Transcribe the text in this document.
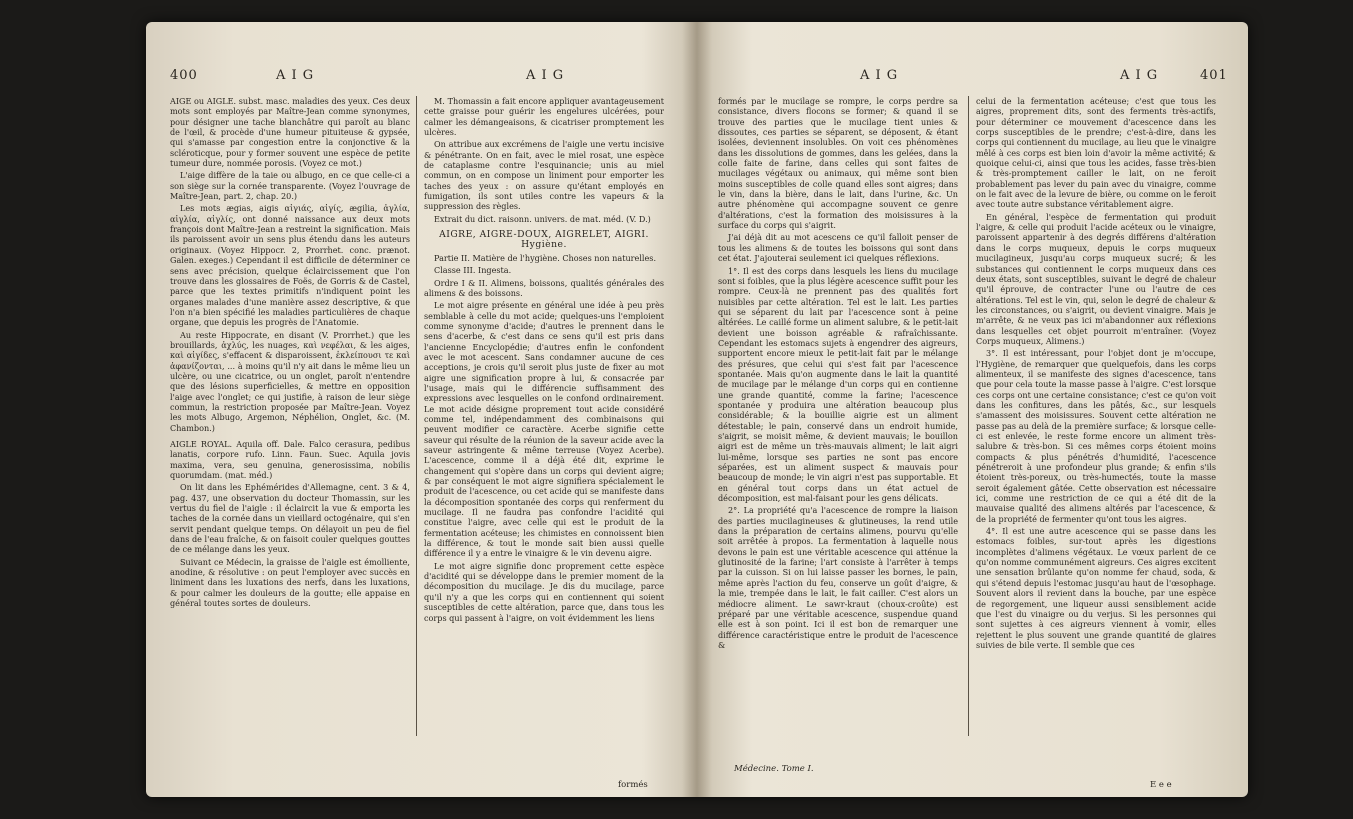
400	A I G	A I G

AIGE ou AIGLE. subst. masc. maladies des yeux. Ces deux mots sont employés par Maître-Jean comme synonymes, pour désigner une tache blanchâtre qui paroît au blanc de l'œil, & procède d'une humeur pituiteuse & gypsée, qui s'amasse par congestion entre la conjonctive & la scléroticque, pour y former souvent une espèce de petite tumeur dure, nommée porosis. (Voyez ce mot.)

L'aige diffère de la taie ou albugo, en ce que celle-ci a son siège sur la cornée transparente. (Voyez l'ouvrage de Maître-Jean, part. 2, chap. 20.)

Les mots ægias, aigis αἰγιάς, αἰγίς, ægilia, ἀγλία, αἰγλία, αἰγλίς, ont donné naissance aux deux mots françois dont Maître-Jean a restreint la signification. Mais ils paroissent avoir un sens plus étendu dans les auteurs originaux. (Voyez Hippocr. 2, Prorrhet. conc. prænot. Galen. exeges.) Cependant il est difficile de déterminer ce sens avec précision, quelque éclaircissement que l'on trouve dans les glossaires de Foës, de Gorris & de Castel, parce que les textes primitifs n'indiquent point les organes malades d'une manière assez descriptive, & que l'on n'a bien spécifié les maladies particulières de chaque organe, que depuis les progrès de l'Anatomie.

Au reste Hippocrate, en disant (V. Prorrhet.) que les brouillards, ἀχλύς, les nuages, καὶ νεφέλαι, & les aiges, καὶ αἰγίδες, s'effacent & disparoissent, ἐκλείπουσι τε καὶ ἀφανίζονται, ... à moins qu'il n'y ait dans le même lieu un ulcère, ou une cicatrice, ou un onglet, paroît n'entendre que des lésions superficielles, & mettre en opposition l'aige avec l'onglet; ce qui justifie, à raison de leur siège commun, la restriction proposée par Maître-Jean. Voyez les mots Albugo, Argemon, Néphélion, Onglet, &c. (M. Chambon.)

AIGLE ROYAL. Aquila off. Dale. Falco cerasura, pedibus lanatis, corpore rufo. Linn. Faun. Suec. Aquila jovis maxima, vera, seu genuina, generosissima, nobilis quorumdam. (mat. méd.)

On lit dans les Ephémérides d'Allemagne, cent. 3 & 4, pag. 437, une observation du docteur Thomassin, sur les vertus du fiel de l'aigle : il éclaircit la vue & emporta les taches de la cornée dans un vieillard octogénaire, qui s'en servit pendant quelque temps. On délayoit un peu de fiel dans de l'eau fraîche, & on faisoit couler quelques gouttes de ce mélange dans les yeux.

Suivant ce Médecin, la graisse de l'aigle est émolliente, anodine, & résolutive : on peut l'employer avec succès en liniment dans les luxations des nerfs, dans les luxations, & pour calmer les douleurs de la goutte; elle appaise en général toutes sortes de douleurs.

M. Thomassin a fait encore appliquer avantageusement cette graisse pour guérir les engelures ulcérées, pour calmer les démangeaisons, & cicatriser promptement les ulcères.

On attribue aux excrémens de l'aigle une vertu incisive & pénétrante. On en fait, avec le miel rosat, une espèce de cataplasme contre l'esquinancie; unis au miel commun, on en compose un liniment pour emporter les taches des yeux : on assure qu'étant employés en fumigation, ils sont utiles contre les vapeurs & la suppression des règles.

Extrait du dict. raisonn. univers. de mat. méd. (V. D.)

AIGRE, AIGRE-DOUX, AIGRELET, AIGRI. Hygiène.

Partie II. Matière de l'hygiène. Choses non naturelles.

Classe III. Ingesta.

Ordre I & II. Alimens, boissons, qualités générales des alimens & des boissons.

Le mot aigre présente en général une idée à peu près semblable à celle du mot acide; quelques-uns l'emploient comme synonyme d'acide; d'autres le prennent dans le sens d'acerbe, & c'est dans ce sens qu'il est pris dans l'ancienne Encyclopédie; d'autres enfin le confondent avec le mot acescent. Sans condamner aucune de ces acceptions, je crois qu'il seroit plus juste de fixer au mot aigre une signification propre à lui, & consacrée par l'usage, mais qui le différencie suffisamment des expressions avec lesquelles on le confond ordinairement. Le mot acide désigne proprement tout acide considéré comme tel, indépendamment des combinaisons qui peuvent modifier ce caractère. Acerbe signifie cette saveur qui résulte de la réunion de la saveur acide avec la saveur astringente & même terreuse (Voyez Acerbe). L'acescence, comme il a déjà été dit, exprime le changement qui s'opère dans un corps qui devient aigre; & par conséquent le mot aigre signifiera spécialement le produit de l'acescence, ou cet acide qui se manifeste dans la décomposition spontanée des corps qui renferment du mucilage. Il ne faudra pas confondre l'acidité qui constitue l'aigre, avec celle qui est le produit de la fermentation acéteuse; les chimistes en connoissent bien la différence, & tout le monde sait bien aussi quelle différence il y a entre le vinaigre & le vin devenu aigre.

Le mot aigre signifie donc proprement cette espèce d'acidité qui se développe dans le premier moment de la décomposition du mucilage. Je dis du mucilage, parce qu'il n'y a que les corps qui en contiennent qui soient susceptibles de cette altération, parce que, dans tous les corps qui passent à l'aigre, on voit évidemment les liens

formés
A I G	A I G	401

formés par le mucilage se rompre, le corps perdre sa consistance, divers flocons se former; & quand il se trouve des parties que le mucilage tient unies & dissoutes, ces parties se séparent, se déposent, & étant isolées, deviennent insolubles. On voit ces phénomènes dans les dissolutions de gommes, dans les gelées, dans la colle faite de farine, dans celles qui sont faites de mucilages végétaux ou animaux, qui même sont bien moins susceptibles de colle quand elles sont aigres; dans le vin, dans la bière, dans le lait, dans l'urine, &c. Un autre phénomène qui accompagne souvent ce genre d'altérations, c'est la formation des moisissures à la surface du corps qui s'aigrit.

J'ai déjà dit au mot acescens ce qu'il falloit penser de tous les alimens & de toutes les boissons qui sont dans cet état. J'ajouterai seulement ici quelques réflexions.

1°. Il est des corps dans lesquels les liens du mucilage sont si foibles, que la plus légère acescence suffit pour les rompre. Ceux-là ne prennent pas des qualités fort nuisibles par cette altération. Tel est le lait. Les parties qui se séparent du lait par l'acescence sont à peine altérées. Le caillé forme un aliment salubre, & le petit-lait devient une boisson agréable & rafraîchissante. Cependant les estomacs sujets à engendrer des aigreurs, supportent encore mieux le petit-lait fait par le mélange des présures, que celui qui s'est fait par l'acescence spontanée. Mais qu'on augmente dans le lait la quantité de mucilage par le mélange d'un corps qui en contienne une grande quantité, comme la farine; l'acescence spontanée y produira une altération beaucoup plus considérable; & la bouillie aigrie est un aliment détestable; le pain, conservé dans un endroit humide, s'aigrit, se moisit même, & devient mauvais; le bouillon aigri est de même un très-mauvais aliment; le lait aigri lui-même, lorsque ses parties ne sont pas encore séparées, est un aliment suspect & mauvais pour beaucoup de monde; le vin aigri n'est pas supportable. Et en général tout corps dans un état actuel de décomposition, est mal-faisant pour les gens délicats.

2°. La propriété qu'a l'acescence de rompre la liaison des parties mucilagineuses & glutineuses, la rend utile dans la préparation de certains alimens, pourvu qu'elle soit arrêtée à propos. La fermentation à laquelle nous devons le pain est une véritable acescence qui atténue la glutinosité de la farine; l'art consiste à l'arrêter à temps par la cuisson. Si on lui laisse passer les bornes, le pain, même après l'action du feu, conserve un goût d'aigre, & la mie, trempée dans le lait, le fait cailler. C'est alors un médiocre aliment. Le sawr-kraut (choux-croûte) est préparé par une véritable acescence, suspendue quand elle est à son point. Ici il est bon de remarquer une différence caractéristique entre le produit de l'acescence &

Médecine. Tome I.

celui de la fermentation acéteuse; c'est que tous les aigres, proprement dits, sont des ferments très-actifs, pour déterminer ce mouvement d'acescence dans les corps susceptibles de le prendre; c'est-à-dire, dans les corps qui contiennent du mucilage, au lieu que le vinaigre mêlé à ces corps est bien loin d'avoir la même activité; & quoique celui-ci, ainsi que tous les acides, fasse très-bien & très-promptement cailler le lait, on ne feroit probablement pas lever du pain avec du vinaigre, comme on le fait avec de la levure de bière, ou comme on le feroit avec toute autre substance véritablement aigre.

En général, l'espèce de fermentation qui produit l'aigre, & celle qui produit l'acide acéteux ou le vinaigre, paroissent appartenir à des degrés différens d'altération dans le corps muqueux, depuis le corps muqueux mucilagineux, jusqu'au corps muqueux sucré; & les substances qui contiennent le corps muqueux dans ces deux états, sont susceptibles, suivant le degré de chaleur qu'il éprouve, de contracter l'une ou l'autre de ces altérations. Tel est le vin, qui, selon le degré de chaleur & les circonstances, ou s'aigrit, ou devient vinaigre. Mais je m'arrête, & ne veux pas ici m'abandonner aux réflexions dans lesquelles cet objet pourroit m'entraîner. (Voyez Corps muqueux, Alimens.)

3°. Il est intéressant, pour l'objet dont je m'occupe, l'Hygiène, de remarquer que quelquefois, dans les corps alimenteux, il se manifeste des signes d'acescence, tans que pour cela toute la masse passe à l'aigre. C'est lorsque ces corps ont une certaine consistance; c'est ce qu'on voit dans les confitures, dans les pâtés, &c., sur lesquels s'amassent des moisissures. Souvent cette altération ne passe pas au delà de la première surface; & lorsque celle-ci est enlevée, le reste forme encore un aliment très-salubre & très-bon. Si ces mêmes corps étoient moins compacts & plus pénétrés d'humidité, l'acescence pénétreroit à une profondeur plus grande; & enfin s'ils étoient très-poreux, ou très-humectés, toute la masse seroit également gâtée. Cette observation est nécessaire ici, comme une restriction de ce qui a été dit de la mauvaise qualité des alimens altérés par l'acescence, & de la propriété de fermenter qu'ont tous les aigres.

4°. Il est une autre acescence qui se passe dans les estomacs foibles, sur-tout après les digestions incomplètes d'alimens végétaux. Le vœux parlent de ce qu'on nomme communément aigreurs. Ces aigres excitent une sensation brûlante qu'on nomme fer chaud, soda, & qui s'étend depuis l'estomac jusqu'au haut de l'œsophage. Souvent alors il revient dans la bouche, par une espèce de regorgement, une liqueur aussi sensiblement acide que l'est du vinaigre ou du verjus. Si les personnes qui sont sujettes à ces aigreurs viennent à vomir, elles rejettent le plus souvent une grande quantité de glaires suivies de bile verte. Il semble que ces

E e e
